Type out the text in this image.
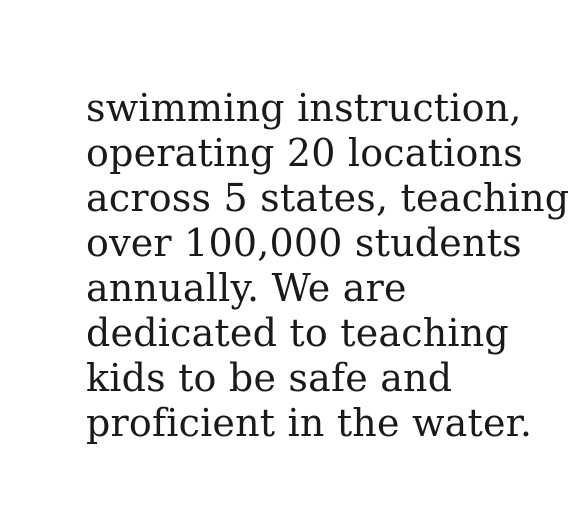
swimming instruction,
operating 20 locations
across 5 states, teaching
over 100,000 students
annually. We are
dedicated to teaching
kids to be safe and
proficient in the water.
